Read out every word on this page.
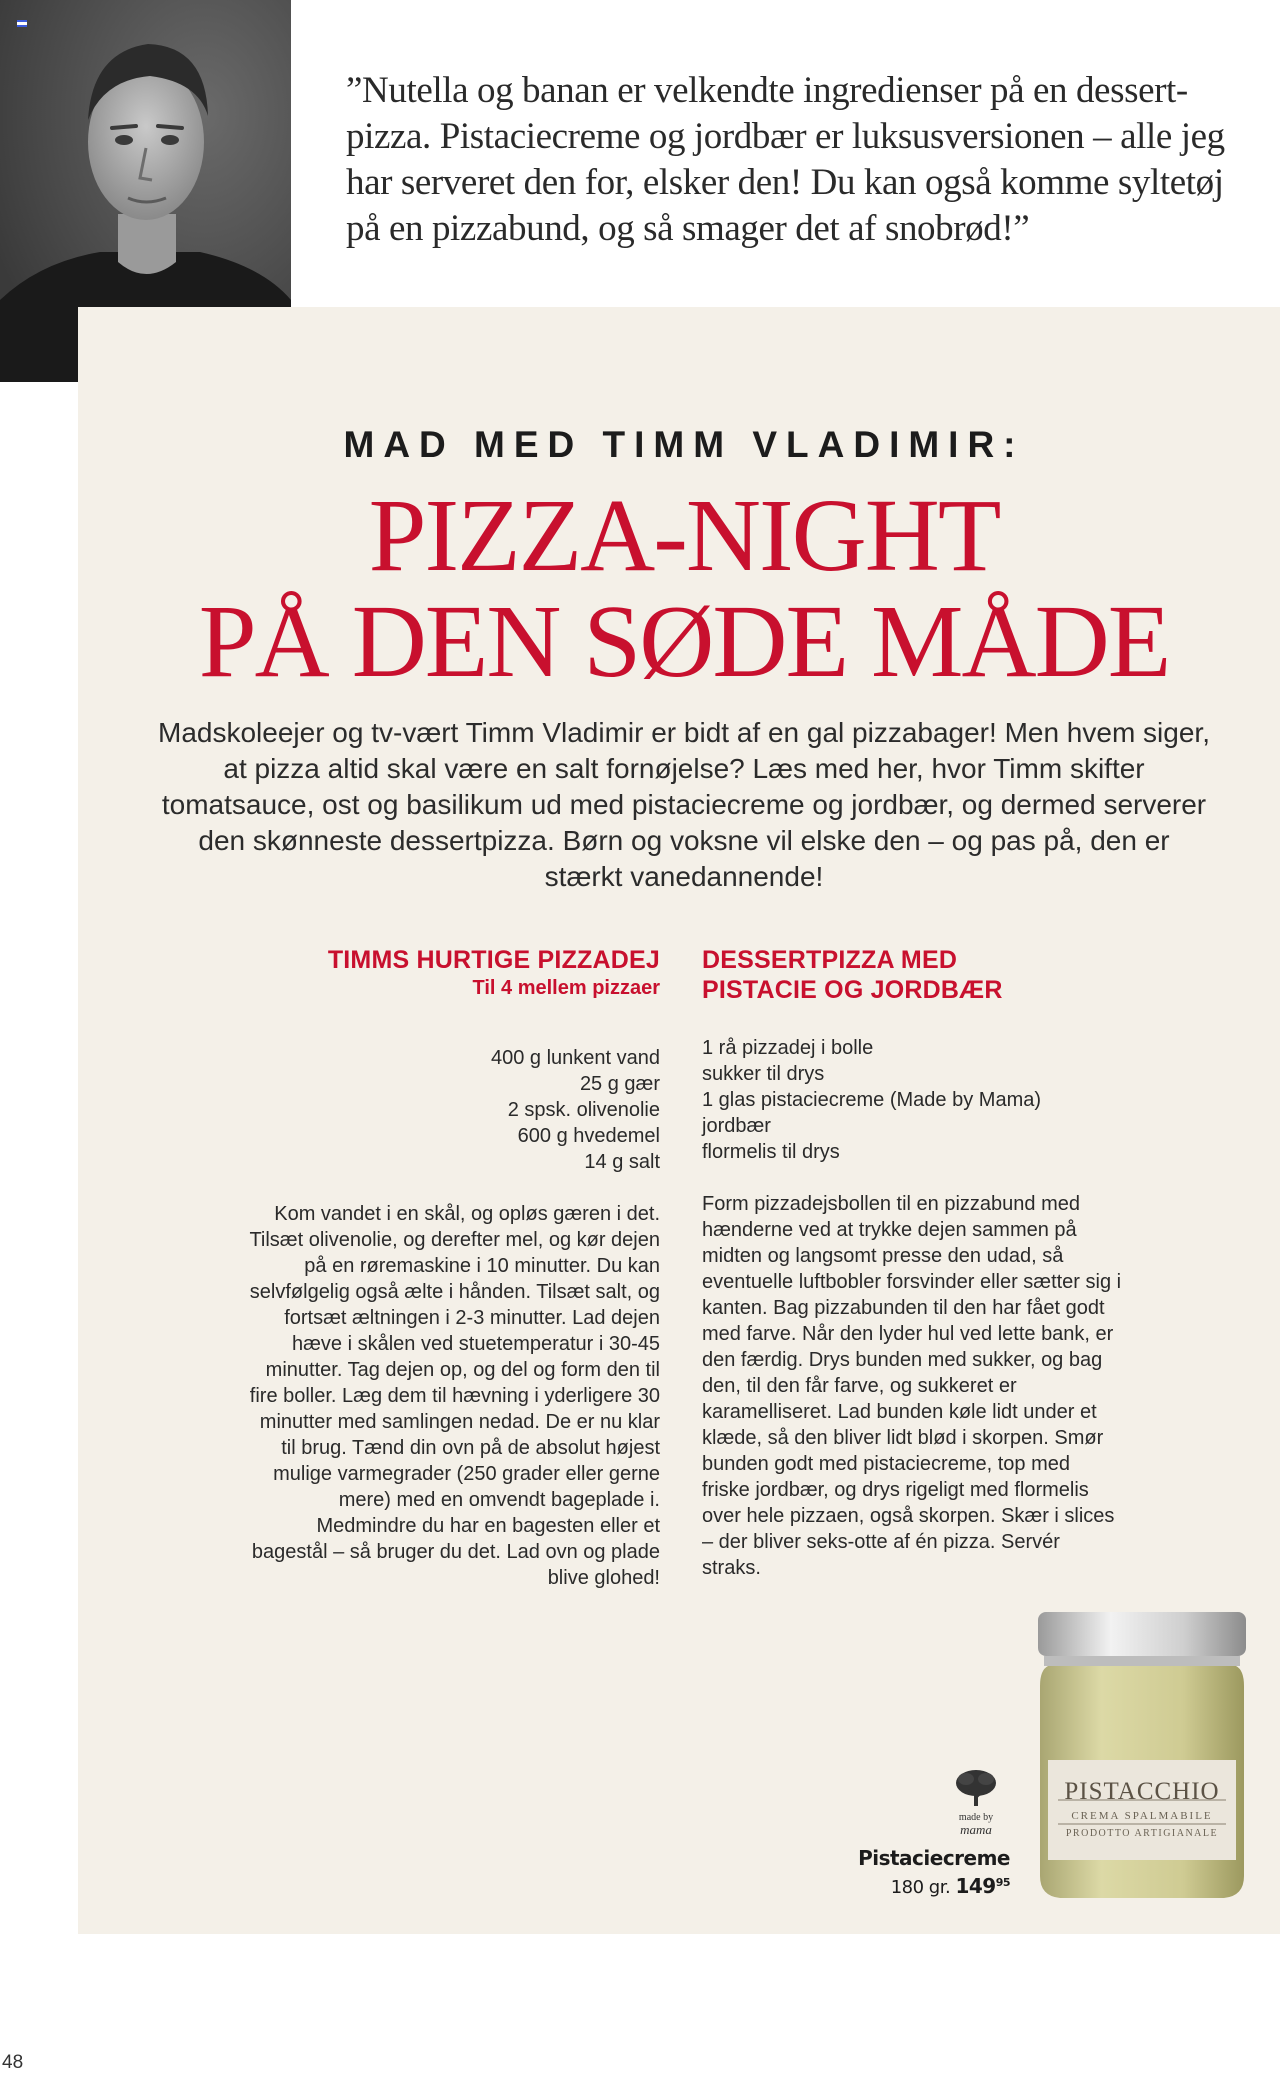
”Nutella og banan er velkendte ingredienser på en dessert-pizza. Pistaciecreme og jordbær er luksusversionen – alle jeg har serveret den for, elsker den! Du kan også komme syltetøj på en pizzabund, og så smager det af snobrød!”

MAD MED TIMM VLADIMIR:

PIZZA-NIGHT
PÅ DEN SØDE MÅDE

Madskoleejer og tv-vært Timm Vladimir er bidt af en gal pizzabager! Men hvem siger, at pizza altid skal være en salt fornøjelse? Læs med her, hvor Timm skifter tomatsauce, ost og basilikum ud med pistaciecreme og jordbær, og dermed serverer den skønneste dessertpizza. Børn og voksne vil elske den – og pas på, den er stærkt vanedannende!

TIMMS HURTIGE PIZZADEJ

Til 4 mellem pizzaer

400 g lunkent vand
25 g gær
2 spsk. olivenolie
600 g hvedemel
14 g salt

Kom vandet i en skål, og opløs gæren i det. Tilsæt olivenolie, og derefter mel, og kør dejen på en røremaskine i 10 minutter. Du kan selvfølgelig også ælte i hånden. Tilsæt salt, og fortsæt æltningen i 2-3 minutter. Lad dejen hæve i skålen ved stuetemperatur i 30-45 minutter. Tag dejen op, og del og form den til fire boller. Læg dem til hævning i yderligere 30 minutter med samlingen nedad. De er nu klar til brug. Tænd din ovn på de absolut højest mulige varmegrader (250 grader eller gerne mere) med en omvendt bageplade i. Medmindre du har en bagesten eller et bagestål – så bruger du det. Lad ovn og plade blive glohed!

DESSERTPIZZA MED

PISTACIE OG JORDBÆR

1 rå pizzadej i bolle
sukker til drys
1 glas pistaciecreme (Made by Mama)
jordbær
flormelis til drys

Form pizzadejsbollen til en pizzabund med hænderne ved at trykke dejen sammen på midten og langsomt presse den udad, så eventuelle luftbobler forsvinder eller sætter sig i kanten. Bag pizzabunden til den har fået godt med farve. Når den lyder hul ved lette bank, er den færdig. Drys bunden med sukker, og bag den, til den får farve, og sukkeret er karamelliseret. Lad bunden køle lidt under et klæde, så den bliver lidt blød i skorpen. Smør bunden godt med pistaciecreme, top med friske jordbær, og drys rigeligt med flormelis over hele pizzaen, også skorpen. Skær i slices – der bliver seks-otte af én pizza. Servér straks.

made by
mama
PISTACCHIO
CREMA SPALMABILE
PRODOTTO ARTIGIANALE
Pistaciecreme
180 gr. $149^{95}$
48
